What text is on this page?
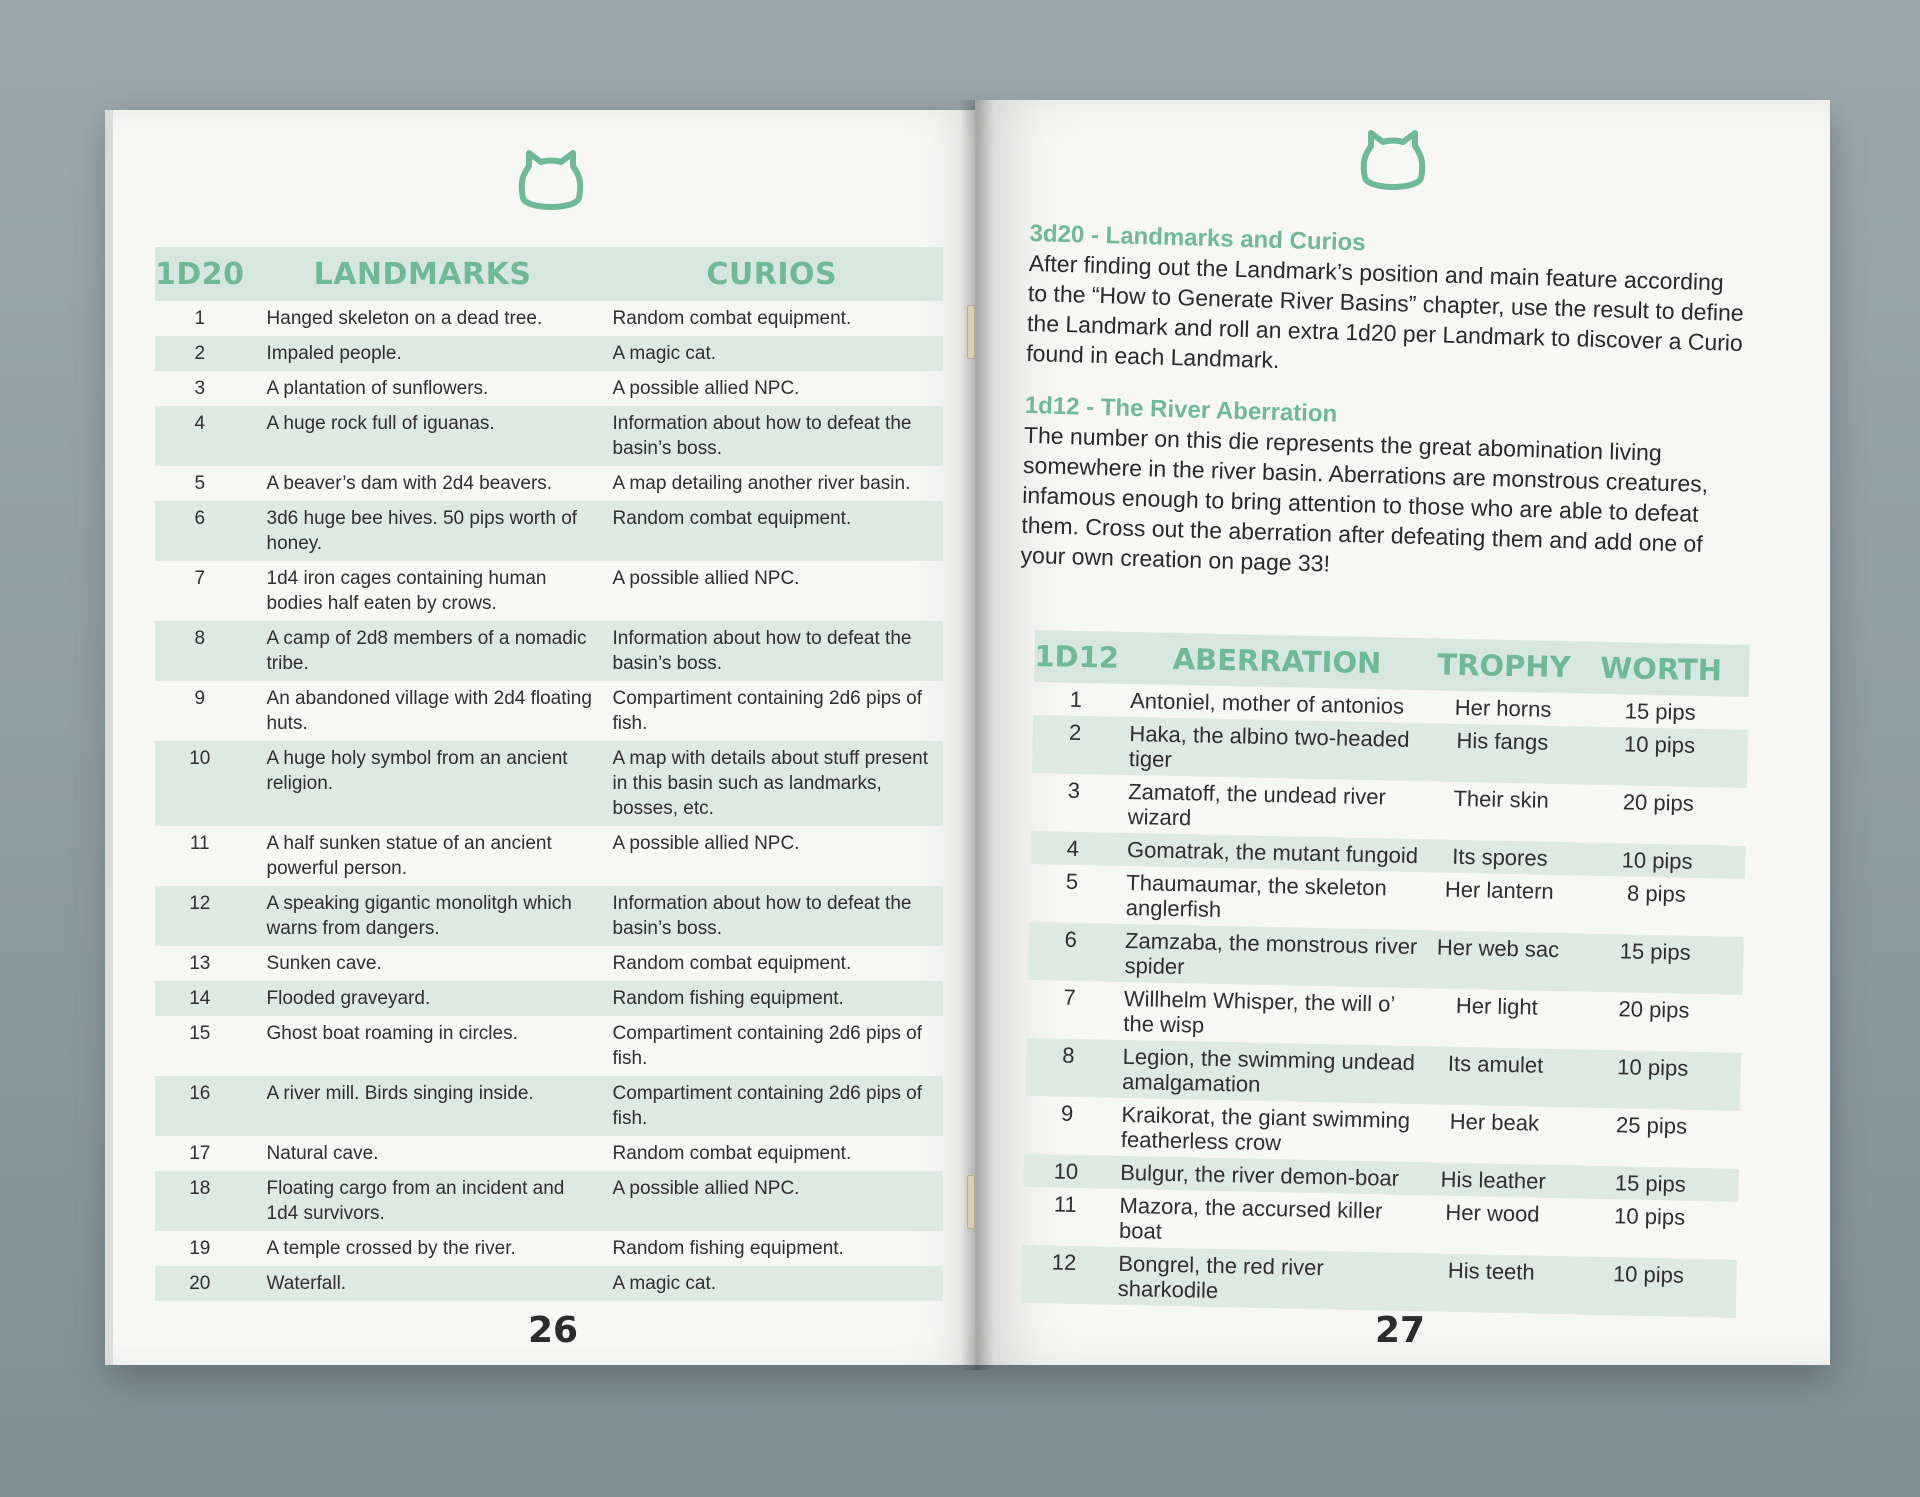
1D20	LANDMARKS	CURIOS
1	Hanged skeleton on a dead tree.	Random combat equipment.
2	Impaled people.	A magic cat.
3	A plantation of sunflowers.	A possible allied NPC.
4	A huge rock full of iguanas.	Information about how to defeat the basin’s boss.
5	A beaver’s dam with 2d4 beavers.	A map detailing another river basin.
6	3d6 huge bee hives. 50 pips worth of honey.	Random combat equipment.
7	1d4 iron cages containing human bodies half eaten by crows.	A possible allied NPC.
8	A camp of 2d8 members of a nomadic tribe.	Information about how to defeat the basin’s boss.
9	An abandoned village with 2d4 floating huts.	Compartiment containing 2d6 pips of fish.
10	A huge holy symbol from an ancient religion.	A map with details about stuff present in this basin such as landmarks, bosses, etc.
11	A half sunken statue of an ancient powerful person.	A possible allied NPC.
12	A speaking gigantic monolitgh which warns from dangers.	Information about how to defeat the basin’s boss.
13	Sunken cave.	Random combat equipment.
14	Flooded graveyard.	Random fishing equipment.
15	Ghost boat roaming in circles.	Compartiment containing 2d6 pips of fish.
16	A river mill. Birds singing inside.	Compartiment containing 2d6 pips of fish.
17	Natural cave.	Random combat equipment.
18	Floating cargo from an incident and 1d4 survivors.	A possible allied NPC.
19	A temple crossed by the river.	Random fishing equipment.
20	Waterfall.	A magic cat.
26
3d20 - Landmarks and Curios

After finding out the Landmark’s position and main feature according to the “How to Generate River Basins” chapter, use the result to define the Landmark and roll an extra 1d20 per Landmark to discover a Curio found in each Landmark.

1d12 - The River Aberration

The number on this die represents the great abomination living somewhere in the river basin. Aberrations are monstrous creatures, infamous enough to bring attention to those who are able to defeat them. Cross out the aberration after defeating them and add one of your own creation on page 33!

1D12	ABERRATION	TROPHY	WORTH
1	Antoniel, mother of antonios	Her horns	15 pips
2	Haka, the albino two-headed tiger	His fangs	10 pips
3	Zamatoff, the undead river wizard	Their skin	20 pips
4	Gomatrak, the mutant fungoid	Its spores	10 pips
5	Thaumaumar, the skeleton anglerfish	Her lantern	8 pips
6	Zamzaba, the monstrous river spider	Her web sac	15 pips
7	Willhelm Whisper, the will o’ the wisp	Her light	20 pips
8	Legion, the swimming undead amalgamation	Its amulet	10 pips
9	Kraikorat, the giant swimming featherless crow	Her beak	25 pips
10	Bulgur, the river demon-boar	His leather	15 pips
11	Mazora, the accursed killer boat	Her wood	10 pips
12	Bongrel, the red river sharkodile	His teeth	10 pips
27
